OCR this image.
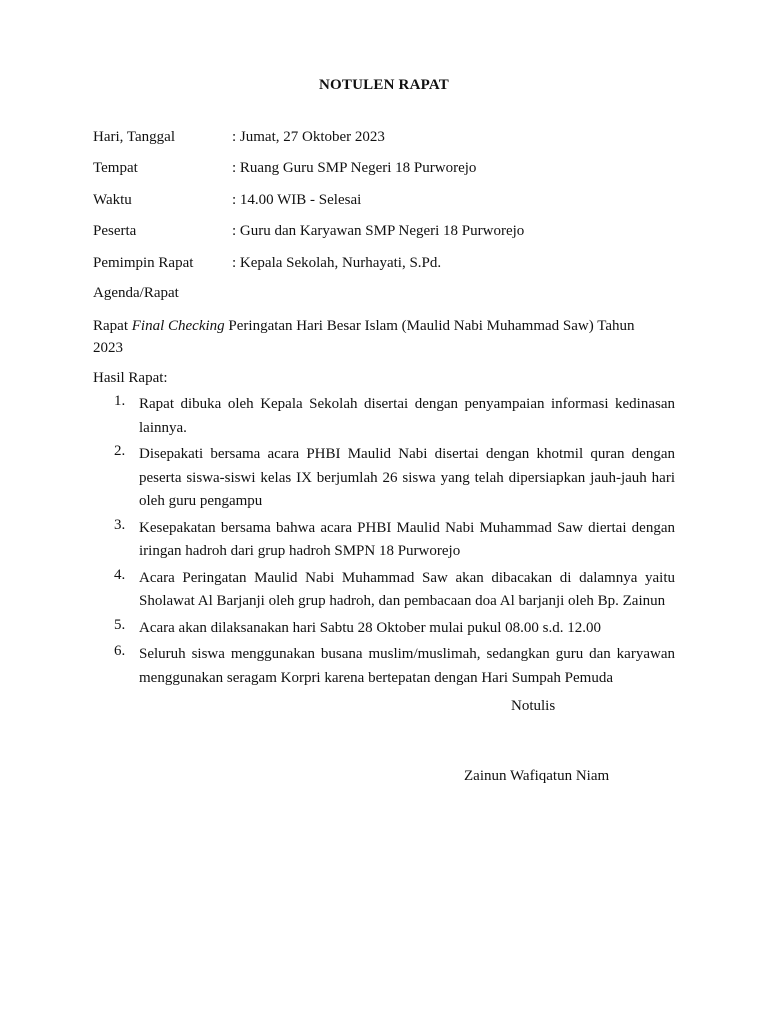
NOTULEN RAPAT
Hari, Tanggal	: Jumat, 27 Oktober 2023
Tempat	: Ruang Guru SMP Negeri 18 Purworejo
Waktu	: 14.00 WIB - Selesai
Peserta	: Guru dan Karyawan SMP Negeri 18 Purworejo
Pemimpin Rapat	: Kepala Sekolah, Nurhayati, S.Pd.
Agenda/Rapat
Rapat Final Checking Peringatan Hari Besar Islam (Maulid Nabi Muhammad Saw) Tahun 2023
Hasil Rapat:
1. Rapat dibuka oleh Kepala Sekolah disertai dengan penyampaian informasi kedinasan lainnya.
2. Disepakati bersama acara PHBI Maulid Nabi disertai dengan khotmil quran dengan peserta siswa-siswi kelas IX berjumlah 26 siswa yang telah dipersiapkan jauh-jauh hari oleh guru pengampu
3. Kesepakatan bersama bahwa acara PHBI Maulid Nabi Muhammad Saw diertai dengan iringan hadroh dari grup hadroh SMPN 18 Purworejo
4. Acara Peringatan Maulid Nabi Muhammad Saw akan dibacakan di dalamnya yaitu Sholawat Al Barjanji oleh grup hadroh, dan pembacaan doa Al barjanji oleh Bp. Zainun
5. Acara akan dilaksanakan hari Sabtu 28 Oktober mulai pukul 08.00 s.d. 12.00
6. Seluruh siswa menggunakan busana muslim/muslimah, sedangkan guru dan karyawan menggunakan seragam Korpri karena bertepatan dengan Hari Sumpah Pemuda
Notulis
Zainun Wafiqatun Niam
